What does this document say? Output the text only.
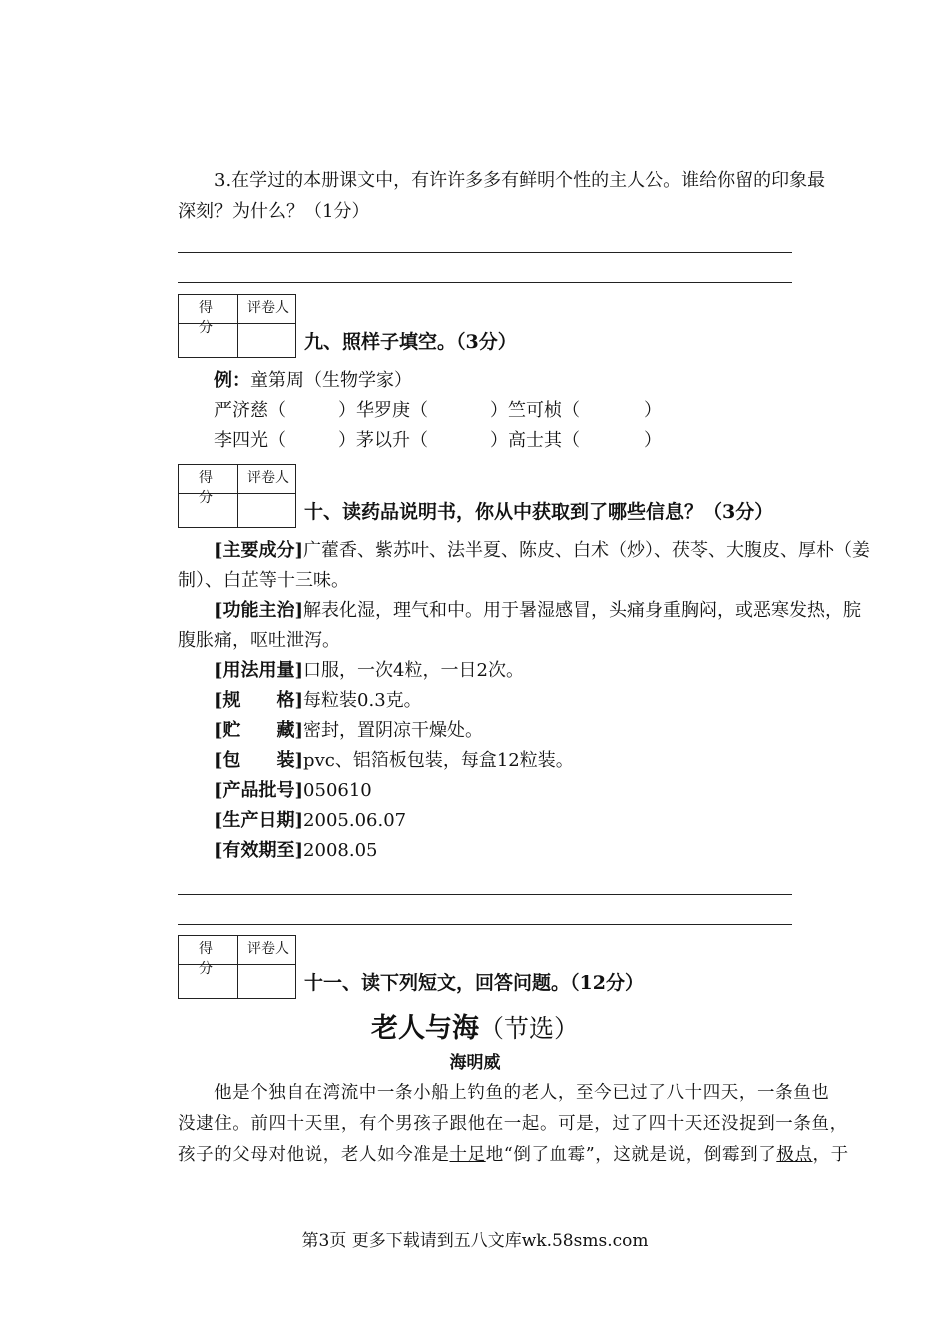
3.在学过的本册课文中，有许许多多有鲜明个性的主人公。谁给你留的印象最
深刻？为什么？（1分）
得 分
评卷人
九、照样子填空。（3分）
例：童第周（生物学家）
严济慈（	）华罗庚（	）竺可桢（	）
李四光（	）茅以升（	）高士其（	）
得 分
评卷人
十、读药品说明书，你从中获取到了哪些信息？（3分）
[主要成分]广藿香、紫苏叶、法半夏、陈皮、白术（炒）、茯苓、大腹皮、厚朴（姜
制）、白芷等十三味。
[功能主治]解表化湿，理气和中。用于暑湿感冒，头痛身重胸闷，或恶寒发热，脘
腹胀痛，呕吐泄泻。
[用法用量]口服，一次4粒，一日2次。
[规　　格]每粒装0.3克。
[贮　　藏]密封，置阴凉干燥处。
[包　　装]pvc、铝箔板包装，每盒12粒装。
[产品批号]050610
[生产日期]2005.06.07
[有效期至]2008.05
得 分
评卷人
十一、读下列短文，回答问题。（12分）
老人与海（节选）
海明威
他是个独自在湾流中一条小船上钓鱼的老人，至今已过了八十四天，一条鱼也
没逮住。前四十天里，有个男孩子跟他在一起。可是，过了四十天还没捉到一条鱼，
孩子的父母对他说，老人如今准是十足地“倒了血霉”，这就是说，倒霉到了极点，于
第3页 更多下载请到五八文库wk.58sms.com
